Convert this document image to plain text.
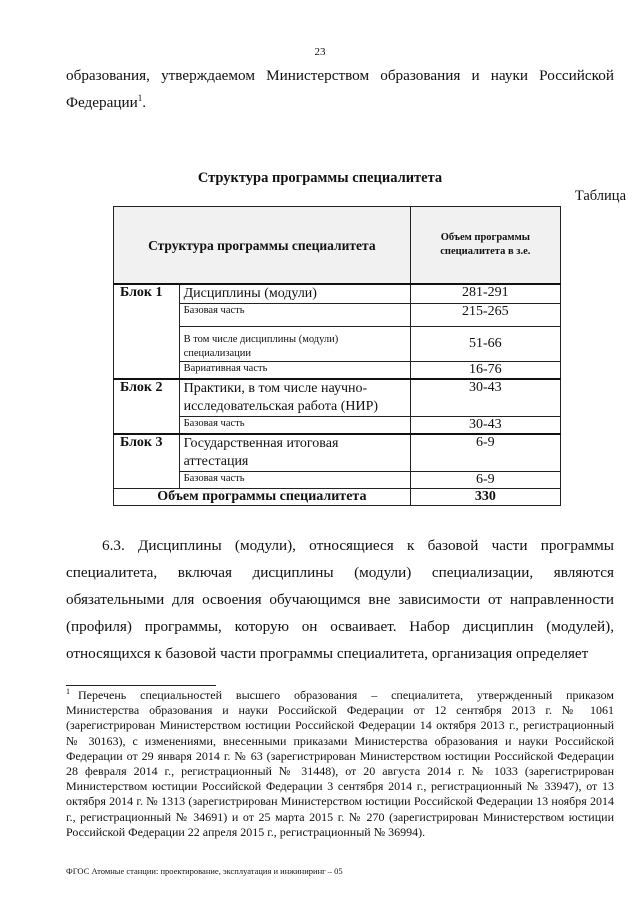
23
образования, утверждаемом Министерством образования и науки Российской
Федерации$^1$.
Структура программы специалитета
Таблица
Структура программы специалитета		Объем программы специалитета в з.е.
Блок 1	Дисциплины (модули)	281-291
	Базовая часть	215-265
	В том числе дисциплины (модули) специализации	51-66
	Вариативная часть	16-76
Блок 2	Практики, в том числе научно-исследовательская работа (НИР)	30-43
	Базовая часть	30-43
Блок 3	Государственная итоговая аттестация	6-9
	Базовая часть	6-9
Объем программы специалитета		330
6.3. Дисциплины (модули), относящиеся к базовой части программы специалитета, включая дисциплины (модули) специализации, являются обязательными для освоения обучающимся вне зависимости от направленности (профиля) программы, которую он осваивает. Набор дисциплин (модулей), относящихся к базовой части программы специалитета, организация определяет
$^1$ Перечень специальностей высшего образования – специалитета, утвержденный приказом Министерства образования и науки Российской Федерации от 12 сентября 2013 г. № 1061 (зарегистрирован Министерством юстиции Российской Федерации 14 октября 2013 г., регистрационный № 30163), с изменениями, внесенными приказами Министерства образования и науки Российской Федерации от 29 января 2014 г. № 63 (зарегистрирован Министерством юстиции Российской Федерации 28 февраля 2014 г., регистрационный № 31448), от 20 августа 2014 г. № 1033 (зарегистрирован Министерством юстиции Российской Федерации 3 сентября 2014 г., регистрационный № 33947), от 13 октября 2014 г. № 1313 (зарегистрирован Министерством юстиции Российской Федерации 13 ноября 2014 г., регистрационный № 34691) и от 25 марта 2015 г. № 270 (зарегистрирован Министерством юстиции Российской Федерации 22 апреля 2015 г., регистрационный № 36994).
ФГОС Атомные станции: проектирование, эксплуатация и инжиниринг – 05
